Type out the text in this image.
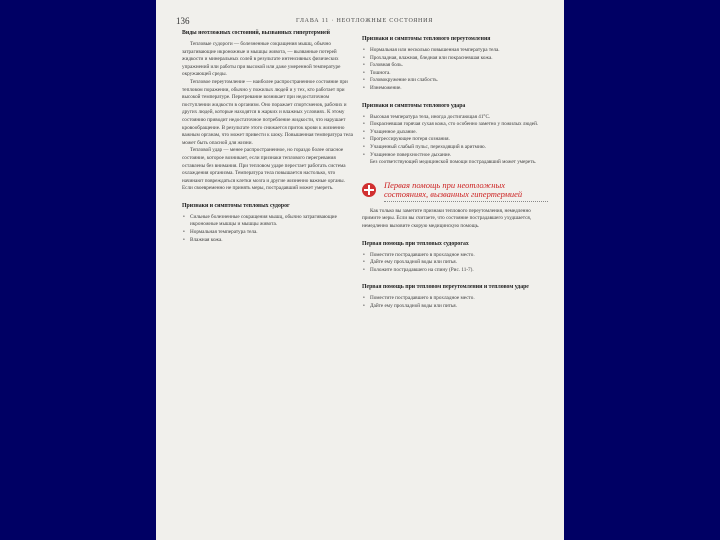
136	ГЛАВА 11 · НЕОТЛОЖНЫЕ СОСТОЯНИЯ
Виды неотложных состояний, вызванных гипертермией

Тепловые судороги — болезненные сокращения мышц, обычно затрагивающие икроножные и мышцы живота, — вызванные потерей жидкости и минеральных солей в результате интенсивных физических упражнений или работы при высокой или даже умеренной температуре окружающей среды.

Тепловое переутомление — наиболее распространенное состояние при тепловом поражении, обычно у пожилых людей и у тех, кто работает при высокой температуре. Перегревание возникает при недостаточном поступлении жидкости в организм. Оно поражает спортсменов, рабочих и других людей, которые находятся в жарких и влажных условиях. К этому состоянию приводит недостаточное потребление жидкости, что нарушает кровообращение. В результате этого снижается приток крови к жизненно важным органам, что может привести к шоку. Повышенная температура тела может быть опасной для жизни.

Тепловой удар — менее распространенное, но гораздо более опасное состояние, которое возникает, если признаки теплового перегревания оставлены без внимания. При тепловом ударе перестает работать система охлаждения организма. Температура тела повышается настолько, что начинают повреждаться клетки мозга и другие жизненно важные органы. Если своевременно не принять меры, пострадавший может умереть.

Признаки и симптомы тепловых судорог
• Сильные болезненные сокращения мышц, обычно затрагивающие икроножные мышцы и мышцы живота.
• Нормальная температура тела.
• Влажная кожа.
Признаки и симптомы теплового переутомления
• Нормальная или несколько повышенная температура тела.
• Прохладная, влажная, бледная или покрасневшая кожа.
• Головная боль.
• Тошнота.
• Головокружение или слабость.
• Изнеможение.
Признаки и симптомы теплового удара
• Высокая температура тела, иногда достигающая 41°С.
• Покрасневшая горячая сухая кожа, сто особенно заметно у пожилых людей.
• Учащенное дыхание.
• Прогрессирующее потеря сознания.
• Учащенный слабый пульс, переходящий в аритмию.
• Учащенное поверхностное дыхание.

Без соответствующей медицинской помощи пострадавший может умереть.

Первая помощь при неотложных состояниях, вызванных гипертермией

Как только вы заметите признаки теплового переутомления, немедленно примите меры. Если вы считаете, что состояние пострадавшего ухудшается, немедленно вызовите скорую медицинскую помощь.

Первая помощь при тепловых судорогах
• Поместите пострадавшего в прохладное место.
• Дайте ему прохладной воды или питья.
• Положите пострадавшего на спину (Рис. 11-7).
Первая помощь при тепловом переутомлении и тепловом ударе
• Поместите пострадавшего в прохладное место.
• Дайте ему прохладной воды или питья.
